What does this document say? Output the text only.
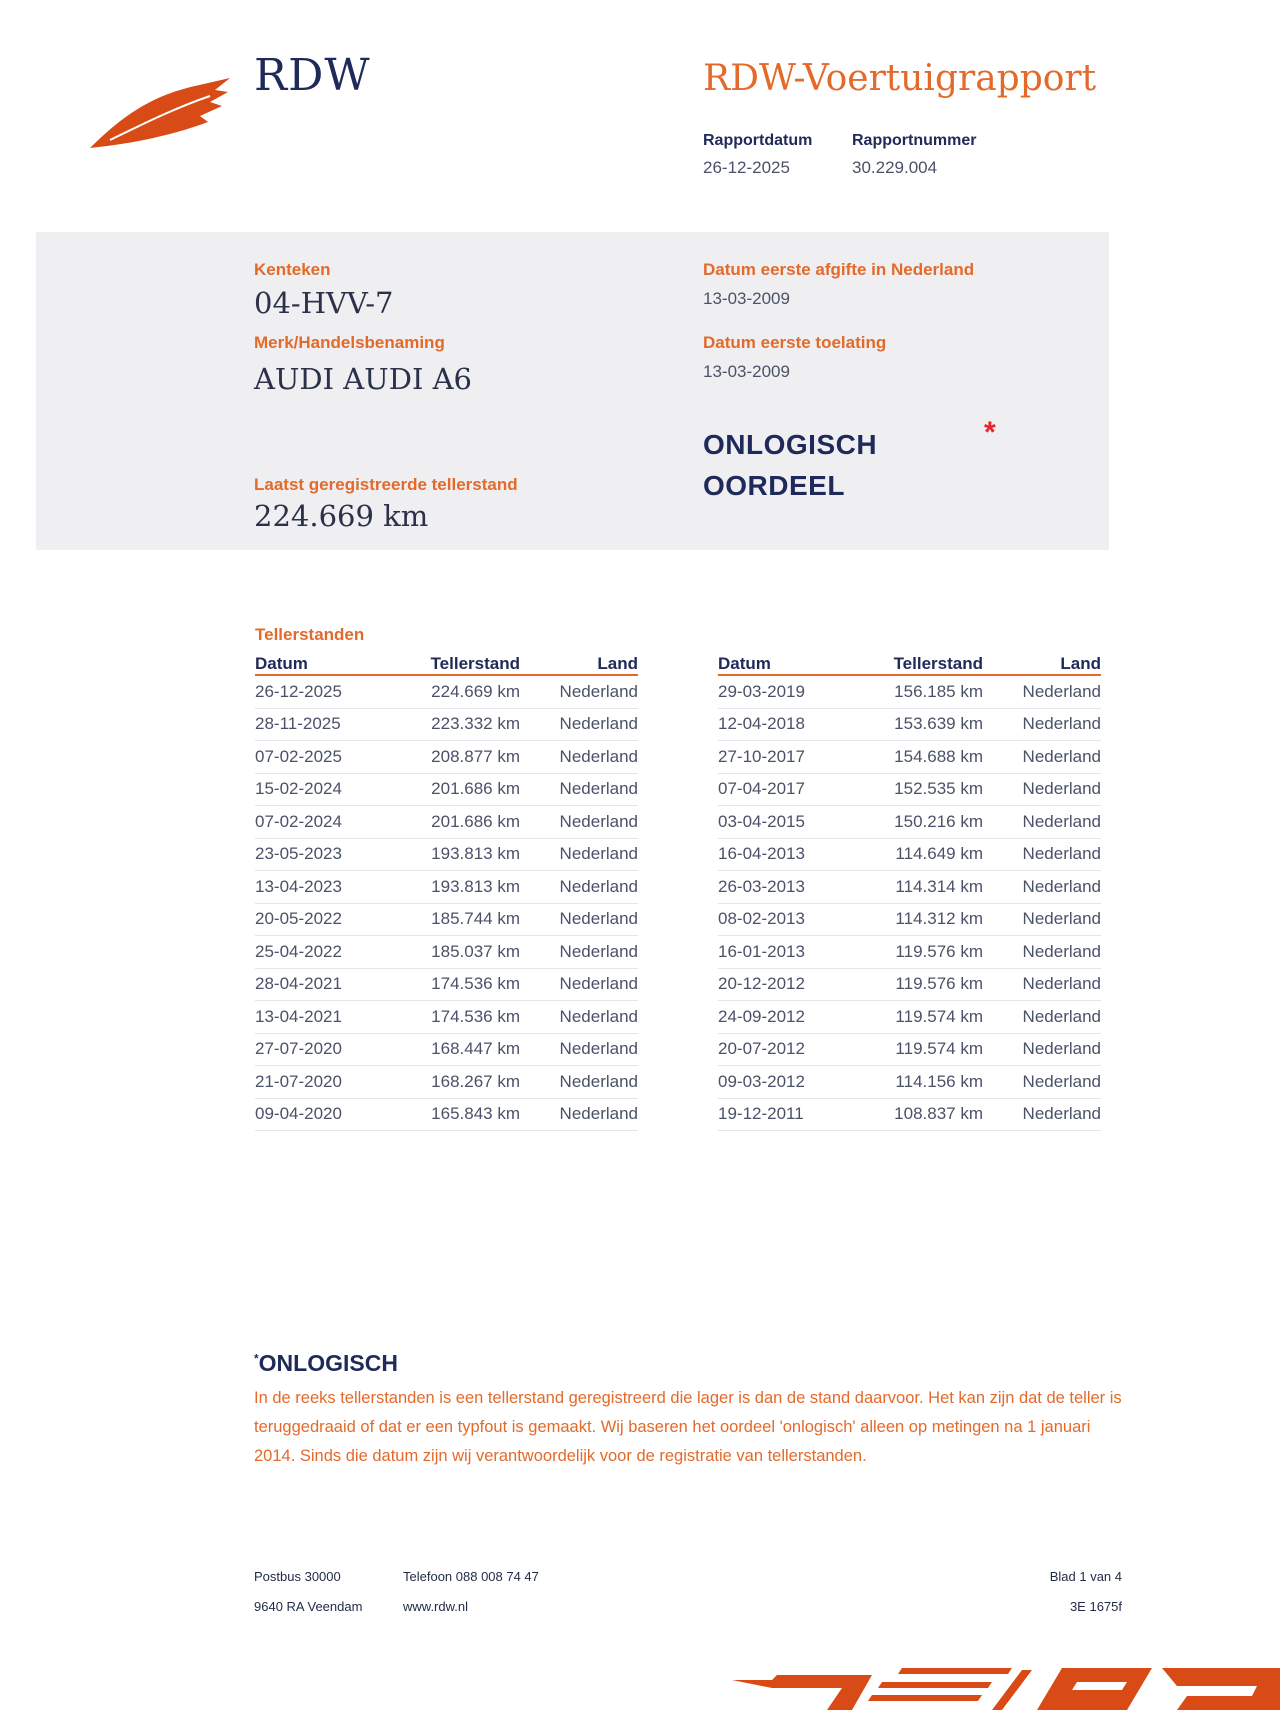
RDW	RDW-Voertuigrapport
Rapportdatum
26-12-2025
Rapportnummer
30.229.004
Kenteken
04-HVV-7
Merk/Handelsbenaming
AUDI AUDI A6
Laatst geregistreerde tellerstand
224.669 km
Datum eerste afgifte in Nederland
13-03-2009
Datum eerste toelating
13-03-2009
ONLOGISCH
OORDEEL
*
Tellerstanden
Datum	Tellerstand	Land
26-12-2025	224.669 km	Nederland
28-11-2025	223.332 km	Nederland
07-02-2025	208.877 km	Nederland
15-02-2024	201.686 km	Nederland
07-02-2024	201.686 km	Nederland
23-05-2023	193.813 km	Nederland
13-04-2023	193.813 km	Nederland
20-05-2022	185.744 km	Nederland
25-04-2022	185.037 km	Nederland
28-04-2021	174.536 km	Nederland
13-04-2021	174.536 km	Nederland
27-07-2020	168.447 km	Nederland
21-07-2020	168.267 km	Nederland
09-04-2020	165.843 km	Nederland
Datum	Tellerstand	Land
29-03-2019	156.185 km	Nederland
12-04-2018	153.639 km	Nederland
27-10-2017	154.688 km	Nederland
07-04-2017	152.535 km	Nederland
03-04-2015	150.216 km	Nederland
16-04-2013	114.649 km	Nederland
26-03-2013	114.314 km	Nederland
08-02-2013	114.312 km	Nederland
16-01-2013	119.576 km	Nederland
20-12-2012	119.576 km	Nederland
24-09-2012	119.574 km	Nederland
20-07-2012	119.574 km	Nederland
09-03-2012	114.156 km	Nederland
19-12-2011	108.837 km	Nederland
*ONLOGISCH
In de reeks tellerstanden is een tellerstand geregistreerd die lager is dan de stand daarvoor. Het kan zijn dat de teller is teruggedraaid of dat er een typfout is gemaakt. Wij baseren het oordeel 'onlogisch' alleen op metingen na 1 januari 2014. Sinds die datum zijn wij verantwoordelijk voor de registratie van tellerstanden.
Postbus 30000
9640 RA Veendam
Telefoon 088 008 74 47
www.rdw.nl
Blad 1 van 4
3E 1675f
